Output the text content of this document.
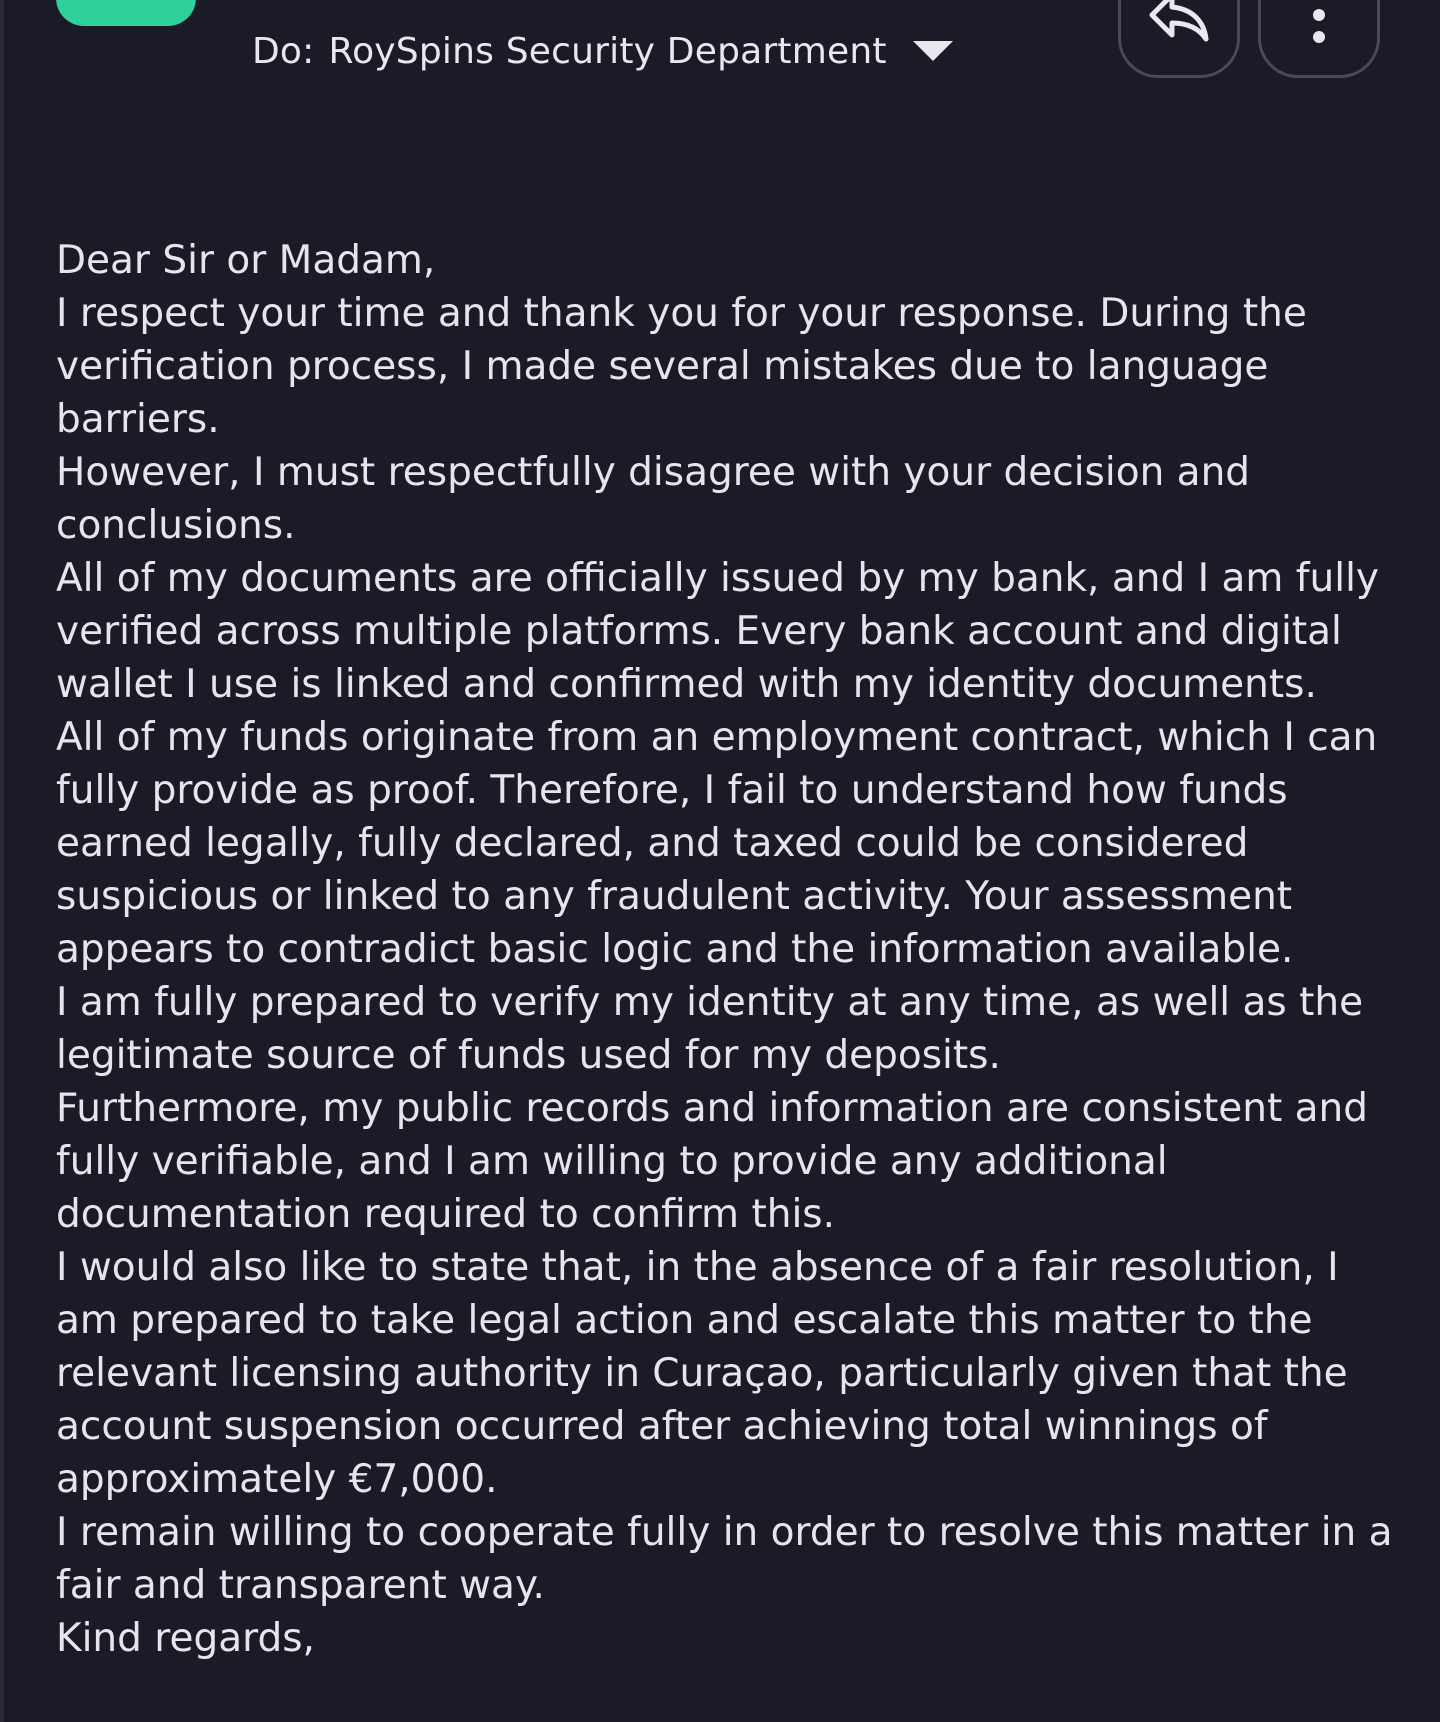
Do: RoySpins Security Department

Dear Sir or Madam,

I respect your time and thank you for your response. During the verification process, I made several mistakes due to language barriers.

However, I must respectfully disagree with your decision and conclusions.

All of my documents are officially issued by my bank, and I am fully verified across multiple platforms. Every bank account and digital wallet I use is linked and confirmed with my identity documents.

All of my funds originate from an employment contract, which I can fully provide as proof. Therefore, I fail to understand how funds earned legally, fully declared, and taxed could be considered suspicious or linked to any fraudulent activity. Your assessment appears to contradict basic logic and the information available.

I am fully prepared to verify my identity at any time, as well as the legitimate source of funds used for my deposits.

Furthermore, my public records and information are consistent and fully verifiable, and I am willing to provide any additional documentation required to confirm this.

I would also like to state that, in the absence of a fair resolution, I am prepared to take legal action and escalate this matter to the relevant licensing authority in Curaçao, particularly given that the account suspension occurred after achieving total winnings of approximately €7,000.

I remain willing to cooperate fully in order to resolve this matter in a fair and transparent way.

Kind regards,
